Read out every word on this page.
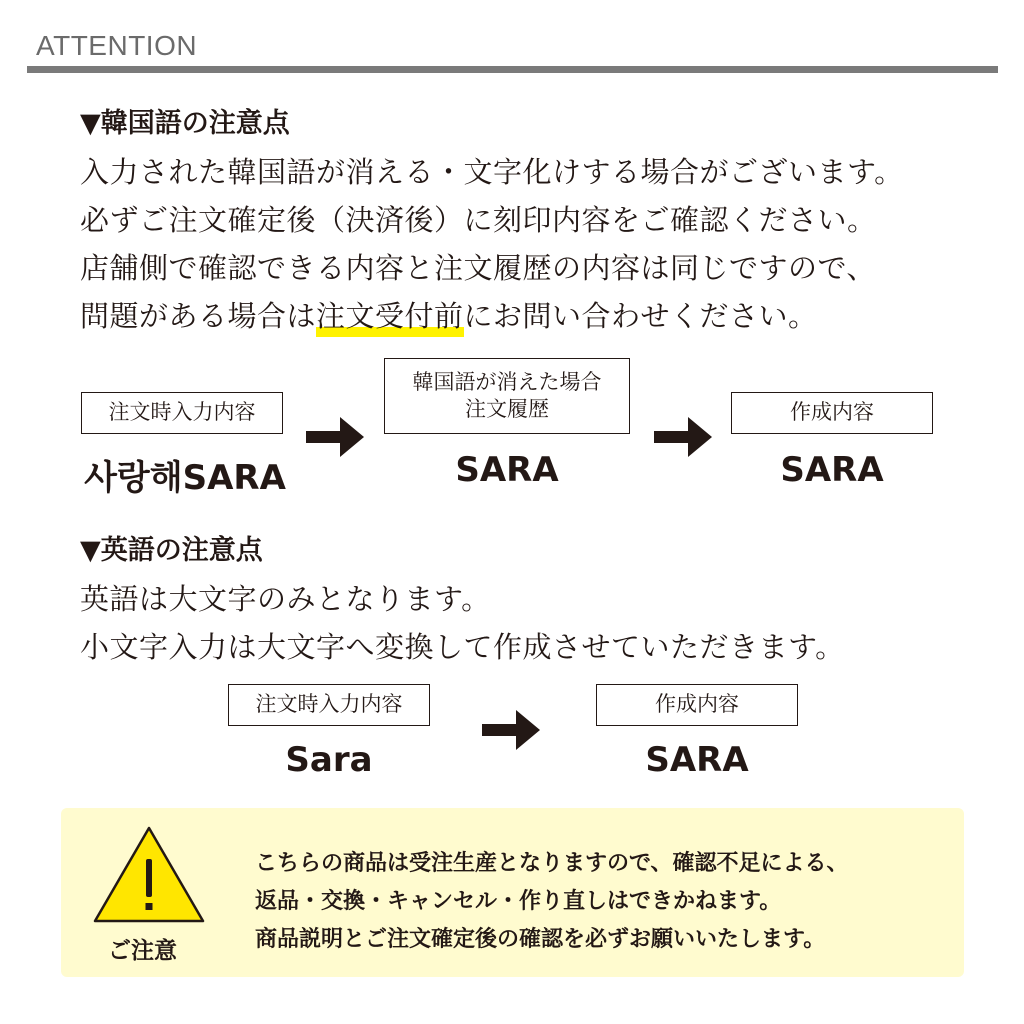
ATTENTION
▼韓国語の注意点
入力された韓国語が消える・文字化けする場合がございます。
必ずご注文確定後（決済後）に刻印内容をご確認ください。
店舗側で確認できる内容と注文履歴の内容は同じですので、
問題がある場合は注文受付前にお問い合わせください。
注文時入力内容
사랑해SARA
韓国語が消えた場合
注文履歴
SARA
作成内容
SARA
▼英語の注意点
英語は大文字のみとなります。
小文字入力は大文字へ変換して作成させていただきます。
注文時入力内容
Sara
作成内容
SARA
ご注意
こちらの商品は受注生産となりますので、確認不足による、
返品・交換・キャンセル・作り直しはできかねます。
商品説明とご注文確定後の確認を必ずお願いいたします。
